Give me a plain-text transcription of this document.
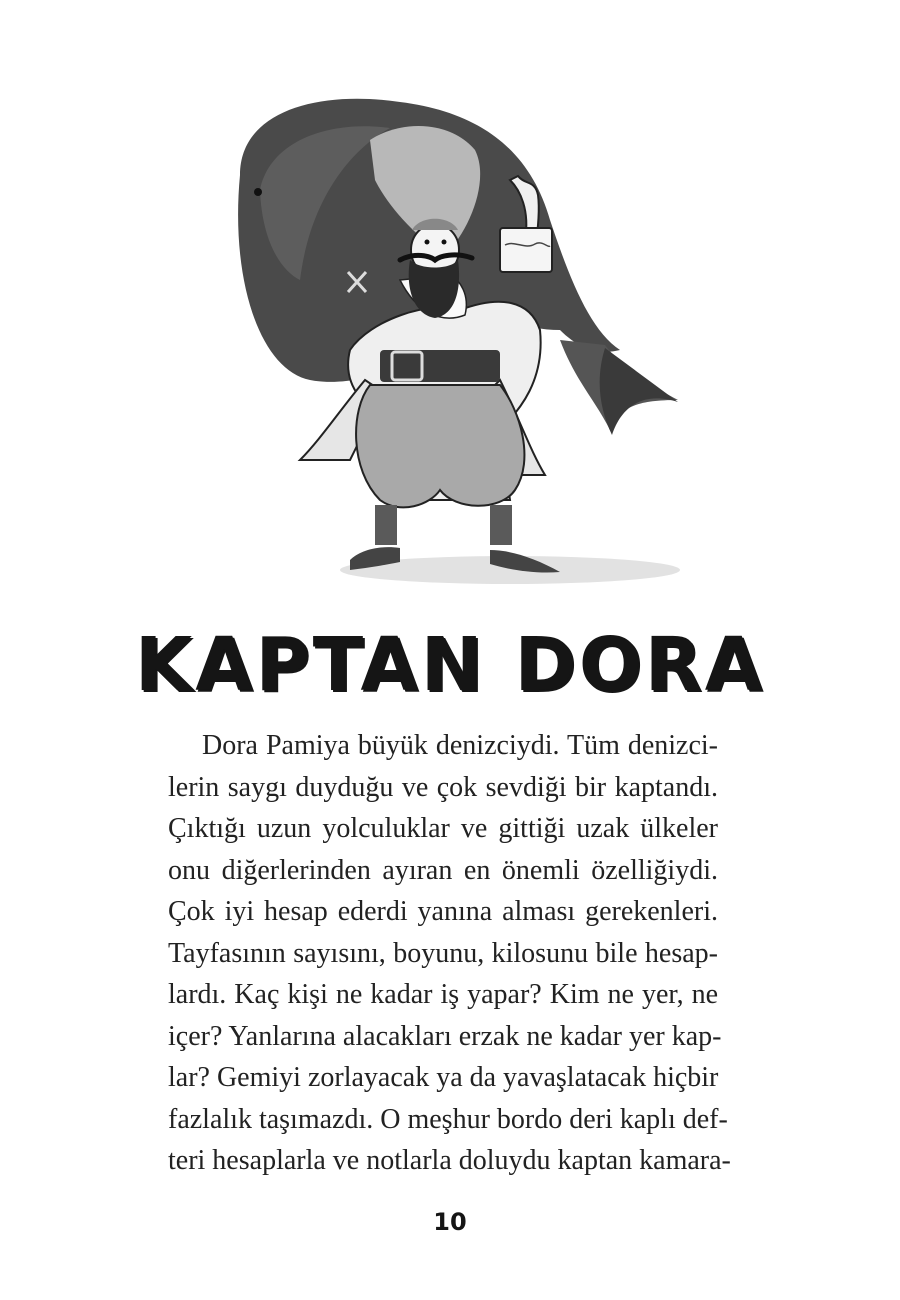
KAPTAN DORA
Dora Pamiya büyük denizciydi. Tüm denizci-
lerin saygı duyduğu ve çok sevdiği bir kaptandı.
Çıktığı uzun yolculuklar ve gittiği uzak ülkeler
onu diğerlerinden ayıran en önemli özelliğiydi.
Çok iyi hesap ederdi yanına alması gerekenleri.
Tayfasının sayısını, boyunu, kilosunu bile hesap-
lardı. Kaç kişi ne kadar iş yapar? Kim ne yer, ne
içer? Yanlarına alacakları erzak ne kadar yer kap-
lar? Gemiyi zorlayacak ya da yavaşlatacak hiçbir
fazlalık taşımazdı. O meşhur bordo deri kaplı def-
teri hesaplarla ve notlarla doluydu kaptan kamara-
10
